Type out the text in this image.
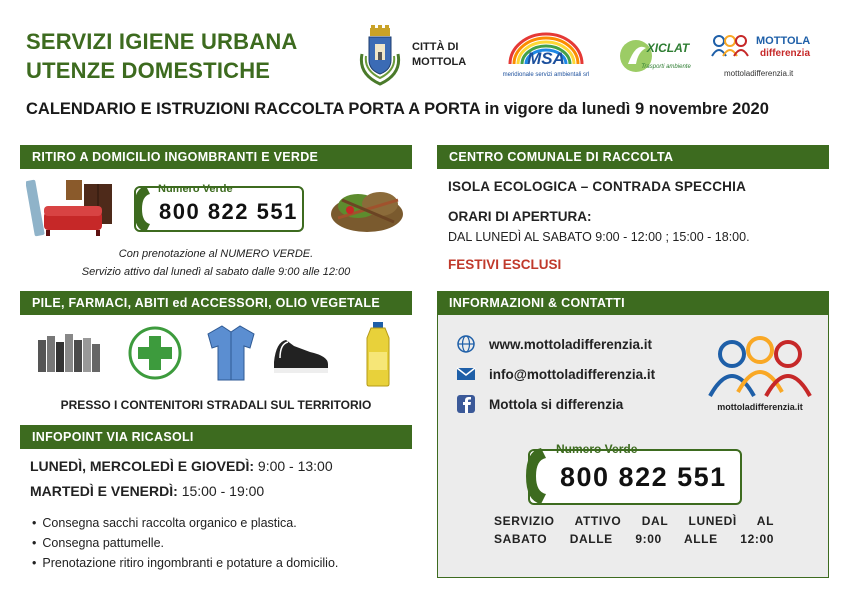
SERVIZI IGIENE URBANA
UTENZE DOMESTICHE
CITTÀ DI
MOTTOLA	MSA
meridionale servizi ambientali srl
XICLAT
Trasporti ambiente
MOTTOLA
differenzia
mottoladifferenzia.it
CALENDARIO E ISTRUZIONI RACCOLTA PORTA A PORTA in vigore da lunedì 9 novembre 2020
RITIRO A DOMICILIO INGOMBRANTI E VERDE
Numero Verde
800 822 551
Con prenotazione al NUMERO VERDE.
Servizio attivo dal lunedì al sabato dalle 9:00 alle 12:00
CENTRO COMUNALE DI RACCOLTA
ISOLA ECOLOGICA – CONTRADA SPECCHIA
ORARI DI APERTURA:
DAL LUNEDÌ AL SABATO 9:00 - 12:00 ; 15:00 - 18:00.
FESTIVI ESCLUSI
PILE, FARMACI, ABITI ed ACCESSORI, OLIO VEGETALE
PRESSO I CONTENITORI STRADALI SUL TERRITORIO
INFORMAZIONI & CONTATTI
www.mottoladifferenzia.it
info@mottoladifferenzia.it
Mottola si differenzia	mottoladifferenzia.it
Numero Verde
800 822 551
SERVIZIO ATTIVO DAL LUNEDÌ AL
SABATO DALLE 9:00 ALLE 12:00
INFOPOINT VIA RICASOLI
LUNEDÌ, MERCOLEDÌ E GIOVEDÌ: 9:00 - 13:00
MARTEDÌ E VENERDÌ: 15:00 - 19:00
• Consegna sacchi raccolta organico e plastica.
• Consegna pattumelle.
• Prenotazione ritiro ingombranti e potature a domicilio.
